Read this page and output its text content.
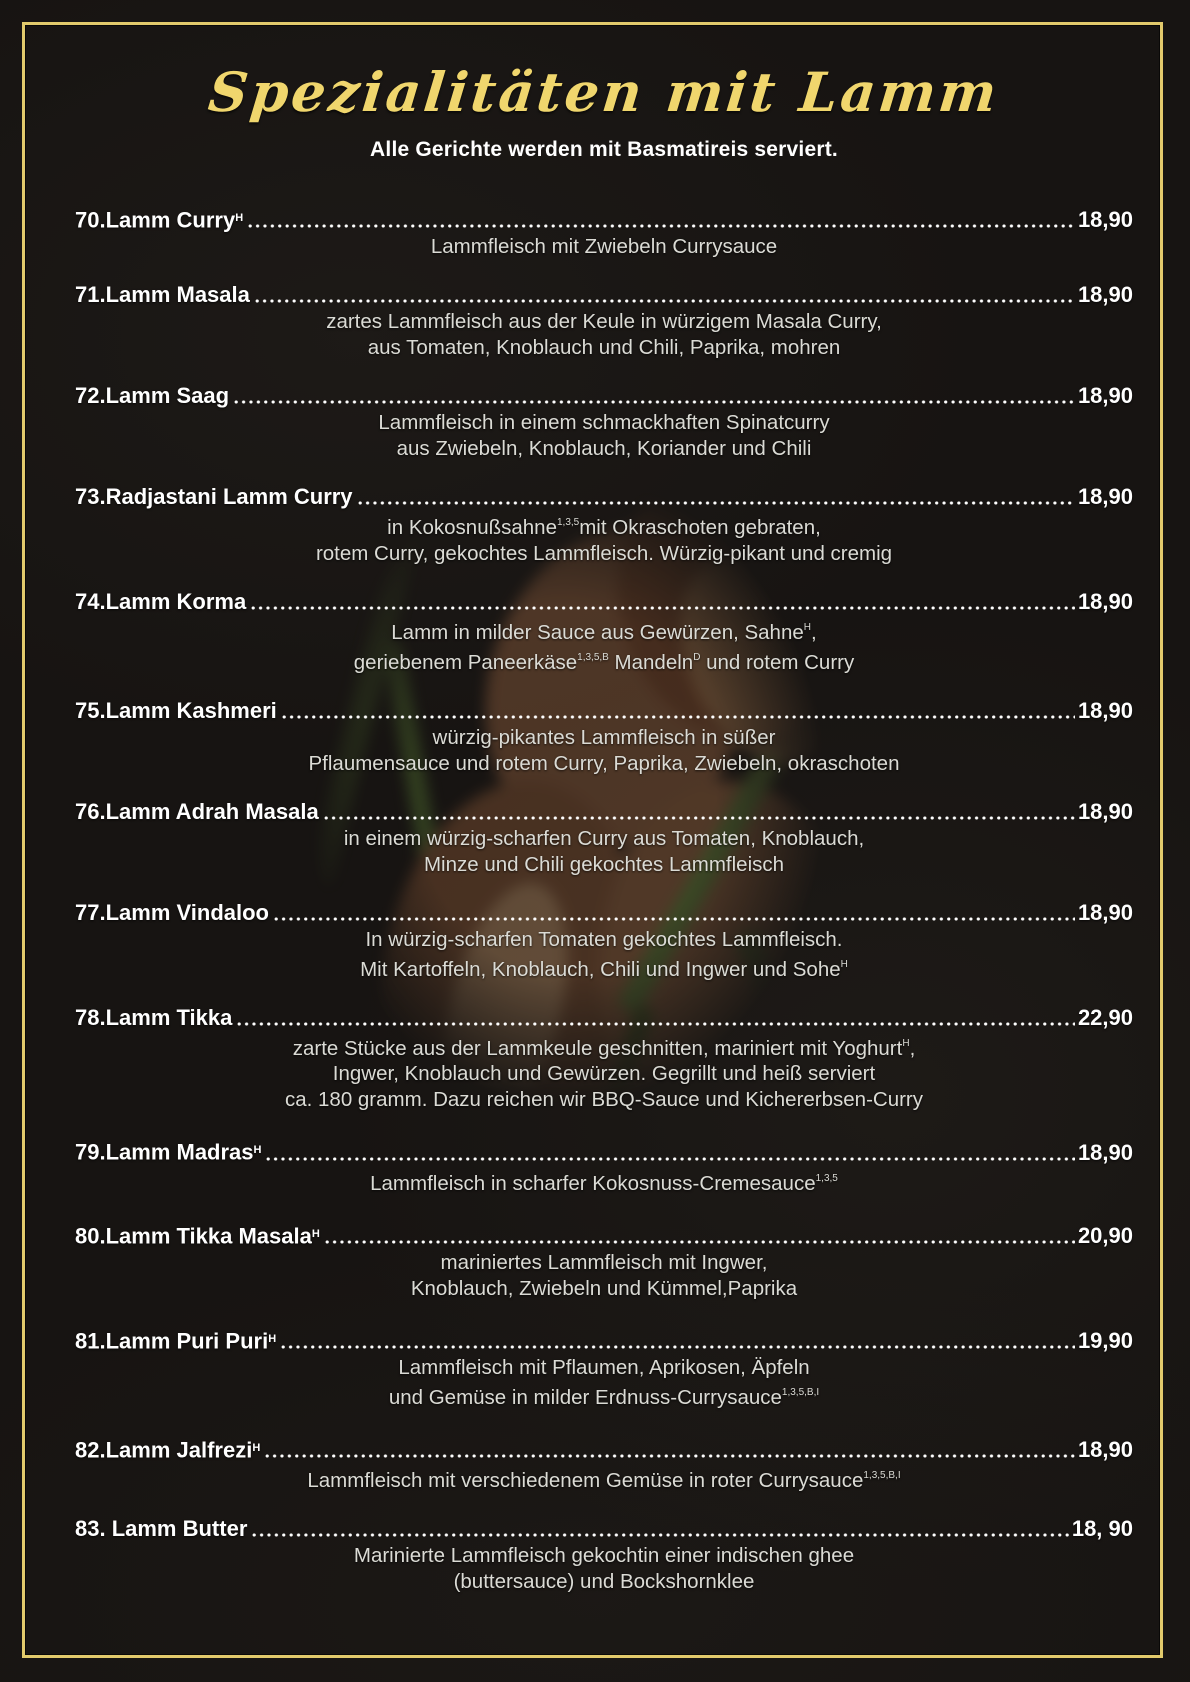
Spezialitäten mit Lamm

Alle Gerichte werden mit Basmatireis serviert.

70.Lamm Curry$^H$	18,90
Lammfleisch mit Zwiebeln Currysauce
71.Lamm Masala	18,90
zartes Lammfleisch aus der Keule in würzigem Masala Curry,
aus Tomaten, Knoblauch und Chili, Paprika, mohren
72.Lamm Saag	18,90
Lammfleisch in einem schmackhaften Spinatcurry
aus Zwiebeln, Knoblauch, Koriander und Chili
73.Radjastani Lamm Curry	18,90
in Kokosnußsahne$^{1,3,5}$mit Okraschoten gebraten,
rotem Curry, gekochtes Lammfleisch. Würzig-pikant und cremig
74.Lamm Korma	18,90
Lamm in milder Sauce aus Gewürzen, Sahne$^H$,
geriebenem Paneerkäse$^{1,3,5,B}$ Mandeln$^D$ und rotem Curry
75.Lamm Kashmeri	18,90
würzig-pikantes Lammfleisch in süßer
Pflaumensauce und rotem Curry, Paprika, Zwiebeln, okraschoten
76.Lamm Adrah Masala	18,90
in einem würzig-scharfen Curry aus Tomaten, Knoblauch,
Minze und Chili gekochtes Lammfleisch
77.Lamm Vindaloo	18,90
In würzig-scharfen Tomaten gekochtes Lammfleisch.
Mit Kartoffeln, Knoblauch, Chili und Ingwer und Sohe$^H$
78.Lamm Tikka	22,90
zarte Stücke aus der Lammkeule geschnitten, mariniert mit Yoghurt$^H$,
Ingwer, Knoblauch und Gewürzen. Gegrillt und heiß serviert
ca. 180 gramm. Dazu reichen wir BBQ-Sauce und Kichererbsen-Curry
79.Lamm Madras$^H$	18,90
Lammfleisch in scharfer Kokosnuss-Cremesauce$^{1,3,5}$
80.Lamm Tikka Masala$^H$	20,90
mariniertes Lammfleisch mit Ingwer,
Knoblauch, Zwiebeln und Kümmel,Paprika
81.Lamm Puri Puri$^H$	19,90
Lammfleisch mit Pflaumen, Aprikosen, Äpfeln
und Gemüse in milder Erdnuss-Currysauce$^{1,3,5,B,I}$
82.Lamm Jalfrezi$^H$	18,90
Lammfleisch mit verschiedenem Gemüse in roter Currysauce$^{1,3,5,B,I}$
83. Lamm Butter	18, 90
Marinierte Lammfleisch gekochtin einer indischen ghee
(buttersauce) und Bockshornklee
